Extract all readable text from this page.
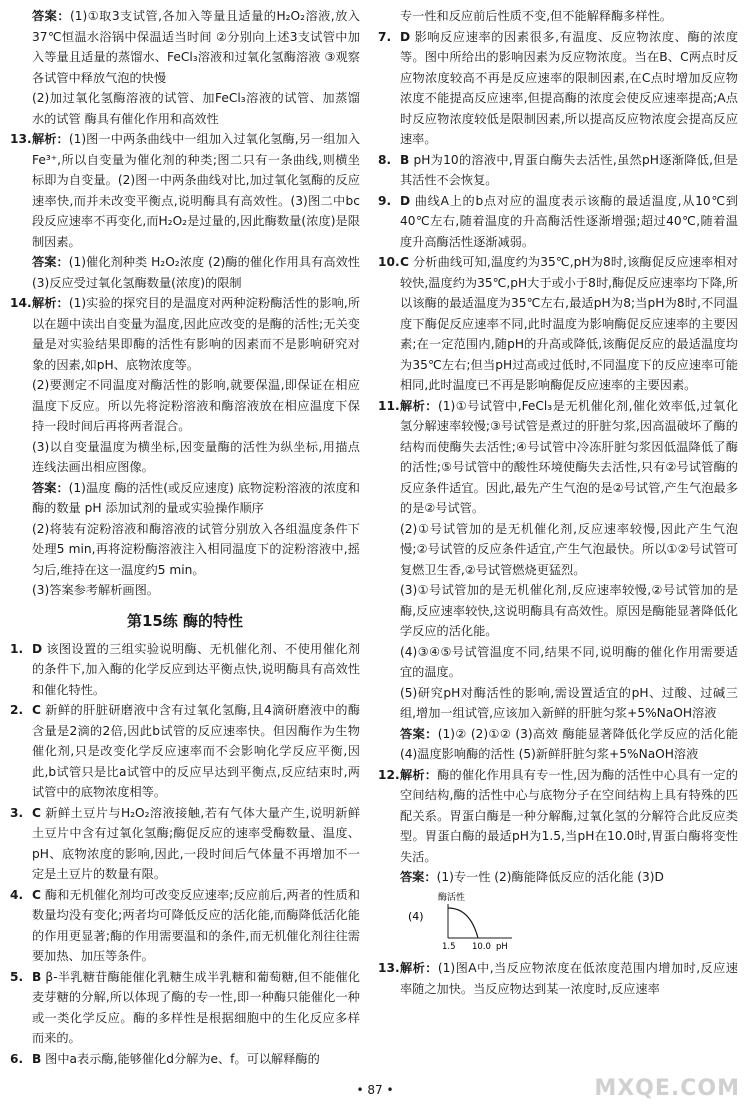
答案：(1)①取3支试管,各加入等量且适量的H₂O₂溶液,放入37℃恒温水浴锅中保温适当时间 ②分别向上述3支试管中加入等量且适量的蒸馏水、FeCl₃溶液和过氧化氢酶溶液 ③观察各试管中释放气泡的快慢

(2)加过氧化氢酶溶液的试管、加FeCl₃溶液的试管、加蒸馏水的试管 酶具有催化作用和高效性

13. 解析：(1)图一中两条曲线中一组加入过氧化氢酶,另一组加入Fe³⁺,所以自变量为催化剂的种类;图二只有一条曲线,则横坐标即为自变量。(2)图一中两条曲线对比,加过氧化氢酶的反应速率快,而并未改变平衡点,说明酶具有高效性。(3)图二中bc段反应速率不再变化,而H₂O₂是过量的,因此酶数量(浓度)是限制因素。

答案：(1)催化剂种类 H₂O₂浓度 (2)酶的催化作用具有高效性 (3)反应受过氧化氢酶数量(浓度)的限制

14. 解析：(1)实验的探究目的是温度对两种淀粉酶活性的影响,所以在题中读出自变量为温度,因此应改变的是酶的活性;无关变量是对实验结果即酶的活性有影响的因素而不是影响研究对象的因素,如pH、底物浓度等。

(2)要测定不同温度对酶活性的影响,就要保温,即保证在相应温度下反应。所以先将淀粉溶液和酶溶液放在相应温度下保持一段时间后再将两者混合。

(3)以自变量温度为横坐标,因变量酶的活性为纵坐标,用描点连线法画出相应图像。

答案：(1)温度 酶的活性(或反应速度) 底物淀粉溶液的浓度和酶的数量 pH 添加试剂的量或实验操作顺序

(2)将装有淀粉溶液和酶溶液的试管分别放入各组温度条件下处理5 min,再将淀粉酶溶液注入相同温度下的淀粉溶液中,摇匀后,维持在这一温度约5 min。

(3)答案参考解析画图。

第15练 酶的特性
1. D 该图设置的三组实验说明酶、无机催化剂、不使用催化剂的条件下,加入酶的化学反应到达平衡点快,说明酶具有高效性和催化特性。

2. C 新鲜的肝脏研磨液中含有过氧化氢酶,且4滴研磨液中的酶含量是2滴的2倍,因此b试管的反应速率快。但因酶作为生物催化剂,只是改变化学反应速率而不会影响化学反应平衡,因此,b试管只是比a试管中的反应早达到平衡点,反应结束时,两试管中的底物浓度相等。

3. C 新鲜土豆片与H₂O₂溶液接触,若有气体大量产生,说明新鲜土豆片中含有过氧化氢酶;酶促反应的速率受酶数量、温度、pH、底物浓度的影响,因此,一段时间后气体量不再增加不一定是土豆片的数量有限。

4. C 酶和无机催化剂均可改变反应速率;反应前后,两者的性质和数量均没有变化;两者均可降低反应的活化能,而酶降低活化能的作用更显著;酶的作用需要温和的条件,而无机催化剂往往需要加热、加压等条件。

5. B β-半乳糖苷酶能催化乳糖生成半乳糖和葡萄糖,但不能催化麦芽糖的分解,所以体现了酶的专一性,即一种酶只能催化一种或一类化学反应。酶的多样性是根据细胞中的生化反应多样而来的。

6. B 图中a表示酶,能够催化d分解为e、f。可以解释酶的

专一性和反应前后性质不变,但不能解释酶多样性。

7. D 影响反应速率的因素很多,有温度、反应物浓度、酶的浓度等。图中所给出的影响因素为反应物浓度。当在B、C两点时反应物浓度较高不再是反应速率的限制因素,在C点时增加反应物浓度不能提高反应速率,但提高酶的浓度会使反应速率提高;A点时反应物浓度较低是限制因素,所以提高反应物浓度会提高反应速率。

8. B pH为10的溶液中,胃蛋白酶失去活性,虽然pH逐渐降低,但是其活性不会恢复。

9. D 曲线A上的b点对应的温度表示该酶的最适温度,从10℃到40℃左右,随着温度的升高酶活性逐渐增强;超过40℃,随着温度升高酶活性逐渐减弱。

10. C 分析曲线可知,温度约为35℃,pH为8时,该酶促反应速率相对较快,温度约为35℃,pH大于或小于8时,酶促反应速率均下降,所以该酶的最适温度为35℃左右,最适pH为8;当pH为8时,不同温度下酶促反应速率不同,此时温度为影响酶促反应速率的主要因素;在一定范围内,随pH的升高或降低,该酶促反应的最适温度均为35℃左右;但当pH过高或过低时,不同温度下的反应速率可能相同,此时温度已不再是影响酶促反应速率的主要因素。

11. 解析：(1)①号试管中,FeCl₃是无机催化剂,催化效率低,过氧化氢分解速率较慢;③号试管是煮过的肝脏匀浆,因高温破坏了酶的结构而使酶失去活性;④号试管中冷冻肝脏匀浆因低温降低了酶的活性;⑤号试管中的酸性环境使酶失去活性,只有②号试管酶的反应条件适宜。因此,最先产生气泡的是②号试管,产生气泡最多的是②号试管。

(2)①号试管加的是无机催化剂,反应速率较慢,因此产生气泡慢;②号试管的反应条件适宜,产生气泡最快。所以①②号试管可复燃卫生香,②号试管燃烧更猛烈。

(3)①号试管加的是无机催化剂,反应速率较慢,②号试管加的是酶,反应速率较快,这说明酶具有高效性。原因是酶能显著降低化学反应的活化能。

(4)③④⑤号试管温度不同,结果不同,说明酶的催化作用需要适宜的温度。

(5)研究pH对酶活性的影响,需设置适宜的pH、过酸、过碱三组,增加一组试管,应该加入新鲜的肝脏匀浆+5%NaOH溶液

答案：(1)② (2)①② (3)高效 酶能显著降低化学反应的活化能 (4)温度影响酶的活性 (5)新鲜肝脏匀浆+5%NaOH溶液

12. 解析：酶的催化作用具有专一性,因为酶的活性中心具有一定的空间结构,酶的活性中心与底物分子在空间结构上具有特殊的匹配关系。胃蛋白酶是一种分解酶,过氧化氢的分解符合此反应类型。胃蛋白酶的最适pH为1.5,当pH在10.0时,胃蛋白酶将变性失活。

答案：(1)专一性 (2)酶能降低反应的活化能 (3)D

(4)
酶活性
1.5 10.0 pH
13. 解析：(1)图A中,当反应物浓度在低浓度范围内增加时,反应速率随之加快。当反应物达到某一浓度时,反应速率

• 87 •	MXQE.COM
